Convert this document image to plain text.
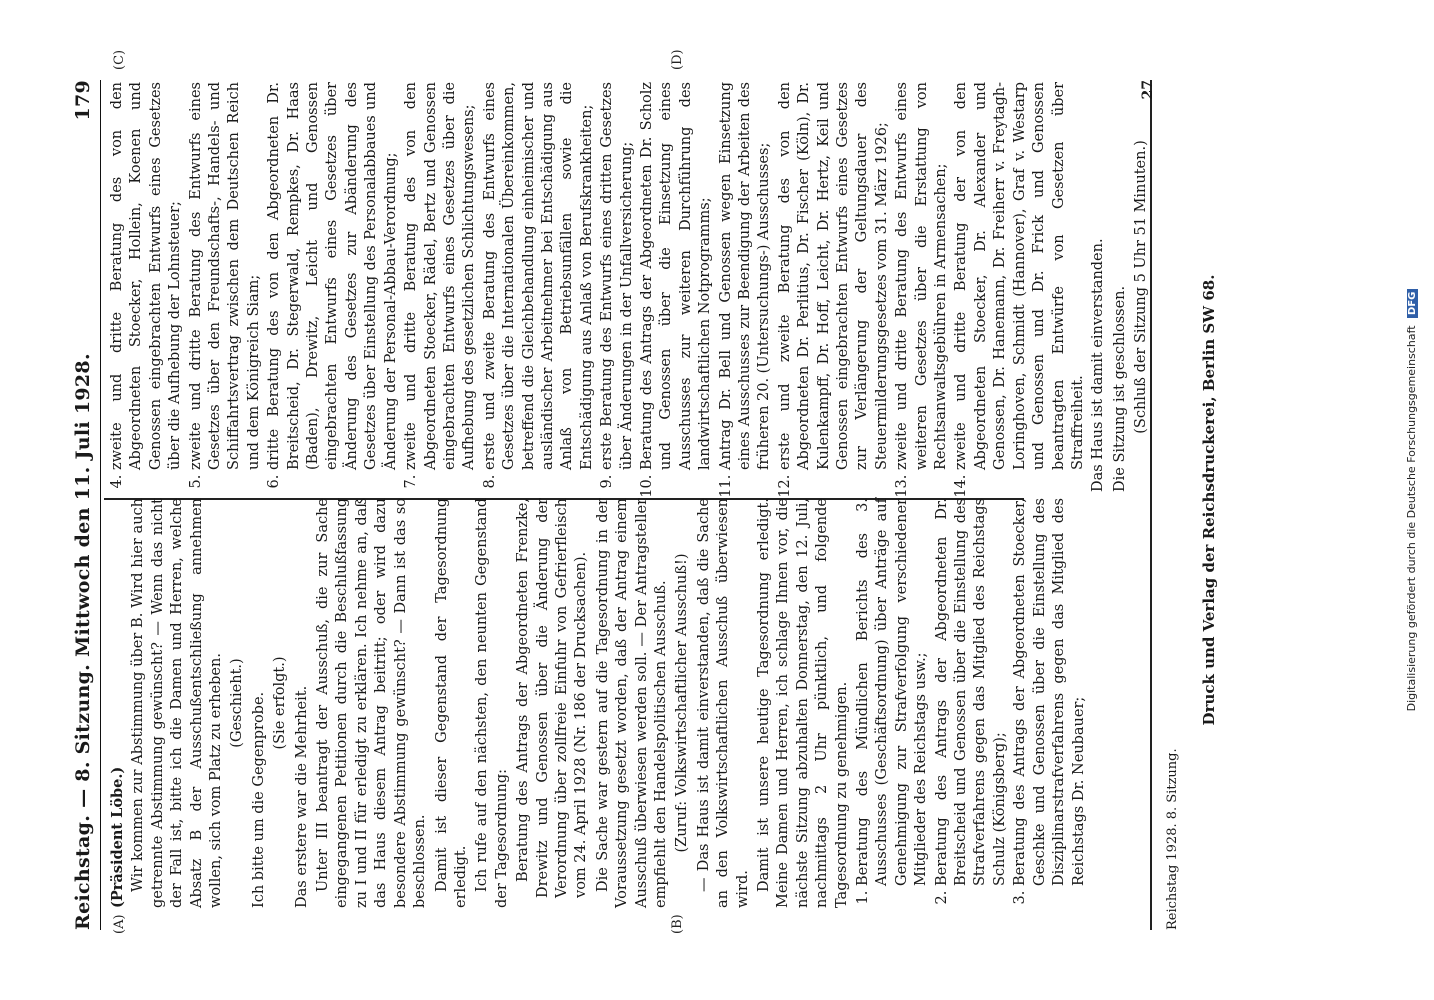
Reichstag. — 8. Sitzung.
Mittwoch den 11. Juli 1928.
179
(A)	(B)
(C)	(D)

(Präsident Löbe.) Wir kommen zur Abstimmung über B. Wird hier auch getrennte Abstimmung gewünscht? — Wenn das nicht der Fall ist, bitte ich die Damen und Herren, welche Absatz B der Ausschußentschließung annehmen wollen, sich vom Platz zu erheben. (Geschieht.) Ich bitte um die Gegenprobe. (Sie erfolgt.) Das erstere war die Mehrheit. Unter III beantragt der Ausschuß, die zur Sache eingegangenen Petitionen durch die Beschlußfassung zu I und II für erledigt zu erklären. Ich nehme an, daß das Haus diesem Antrag beitritt; oder wird dazu besondere Abstimmung gewünscht? — Dann ist das so beschlossen. Damit ist dieser Gegenstand der Tagesordnung erledigt. Ich rufe auf den nächsten, den neunten Gegenstand der Tagesordnung: Beratung des Antrags der Abgeordneten Frenzke, Drewitz und Genossen über die Änderung der Verordnung über zollfreie Einfuhr von Gefrierfleisch vom 24. April 1928 (Nr. 186 der Drucksachen). Die Sache war gestern auf die Tagesordnung in der Voraussetzung gesetzt worden, daß der Antrag einem Ausschuß überwiesen werden soll. — Der Antragsteller empfiehlt den Handelspolitischen Ausschuß. (Zuruf: Volkswirtschaftlicher Ausschuß!) — Das Haus ist damit einverstanden, daß die Sache an den Volkswirtschaftlichen Ausschuß überwiesen wird. Damit ist unsere heutige Tagesordnung erledigt. Meine Damen und Herren, ich schlage Ihnen vor, die nächste Sitzung abzuhalten Donnerstag, den 12. Juli, nachmittags 2 Uhr pünktlich, und folgende Tagesordnung zu genehmigen. 1. Beratung des Mündlichen Berichts des 3. Ausschusses (Geschäftsordnung) über Anträge auf Genehmigung zur Strafverfolgung verschiedener Mitglieder des Reichstags usw.; 2. Beratung des Antrags der Abgeordneten Dr. Breitscheid und Genossen über die Einstellung des Strafverfahrens gegen das Mitglied des Reichstags Schulz (Königsberg); 3. Beratung des Antrags der Abgeordneten Stoecker, Geschke und Genossen über die Einstellung des Disziplinarstrafverfahrens gegen das Mitglied des Reichstags Dr. Neubauer;
4. zweite und dritte Beratung des von den Abgeordneten Stoecker, Hollein, Koenen und Genossen eingebrachten Entwurfs eines Gesetzes über die Aufhebung der Lohnsteuer; 5. zweite und dritte Beratung des Entwurfs eines Gesetzes über den Freundschafts-, Handels- und Schiffahrtsvertrag zwischen dem Deutschen Reich und dem Königreich Siam; 6. dritte Beratung des von den Abgeordneten Dr. Breitscheid, Dr. Stegerwald, Rempkes, Dr. Haas (Baden), Drewitz, Leicht und Genossen eingebrachten Entwurfs eines Gesetzes über Änderung des Gesetzes zur Abänderung des Gesetzes über Einstellung des Personalabbaues und Änderung der Personal-Abbau-Verordnung; 7. zweite und dritte Beratung des von den Abgeordneten Stoecker, Rädel, Bertz und Genossen eingebrachten Entwurfs eines Gesetzes über die Aufhebung des gesetzlichen Schlichtungswesens; 8. erste und zweite Beratung des Entwurfs eines Gesetzes über die Internationalen Übereinkommen, betreffend die Gleichbehandlung einheimischer und ausländischer Arbeitnehmer bei Entschädigung aus Anlaß von Betriebsunfällen sowie die Entschädigung aus Anlaß von Berufskrankheiten; 9. erste Beratung des Entwurfs eines dritten Gesetzes über Änderungen in der Unfallversicherung; 10. Beratung des Antrags der Abgeordneten Dr. Scholz und Genossen über die Einsetzung eines Ausschusses zur weiteren Durchführung des landwirtschaftlichen Notprogramms; 11. Antrag Dr. Bell und Genossen wegen Einsetzung eines Ausschusses zur Beendigung der Arbeiten des früheren 20. (Untersuchungs-) Ausschusses; 12. erste und zweite Beratung des von den Abgeordneten Dr. Perlitius, Dr. Fischer (Köln), Dr. Kulenkampff, Dr. Hoff, Leicht, Dr. Hertz, Keil und Genossen eingebrachten Entwurfs eines Gesetzes zur Verlängerung der Geltungsdauer des Steuermilderungsgesetzes vom 31. März 1926; 13. zweite und dritte Beratung des Entwurfs eines weiteren Gesetzes über die Erstattung von Rechtsanwaltsgebühren in Armensachen; 14. zweite und dritte Beratung der von den Abgeordneten Stoecker, Dr. Alexander und Genossen, Dr. Hanemann, Dr. Freiherr v. Freytagh-Loringhoven, Schmidt (Hannover), Graf v. Westarp und Genossen und Dr. Frick und Genossen beantragten Entwürfe von Gesetzen über Straffreiheit. Das Haus ist damit einverstanden. Die Sitzung ist geschlossen. (Schluß der Sitzung 5 Uhr 51 Minuten.)

Reichstag 1928. 8. Sitzung.
27
Druck und Verlag der Reichsdruckerei, Berlin SW 68.	Digitalisierung gefördert durch die Deutsche Forschungsgemeinschaft DFG
